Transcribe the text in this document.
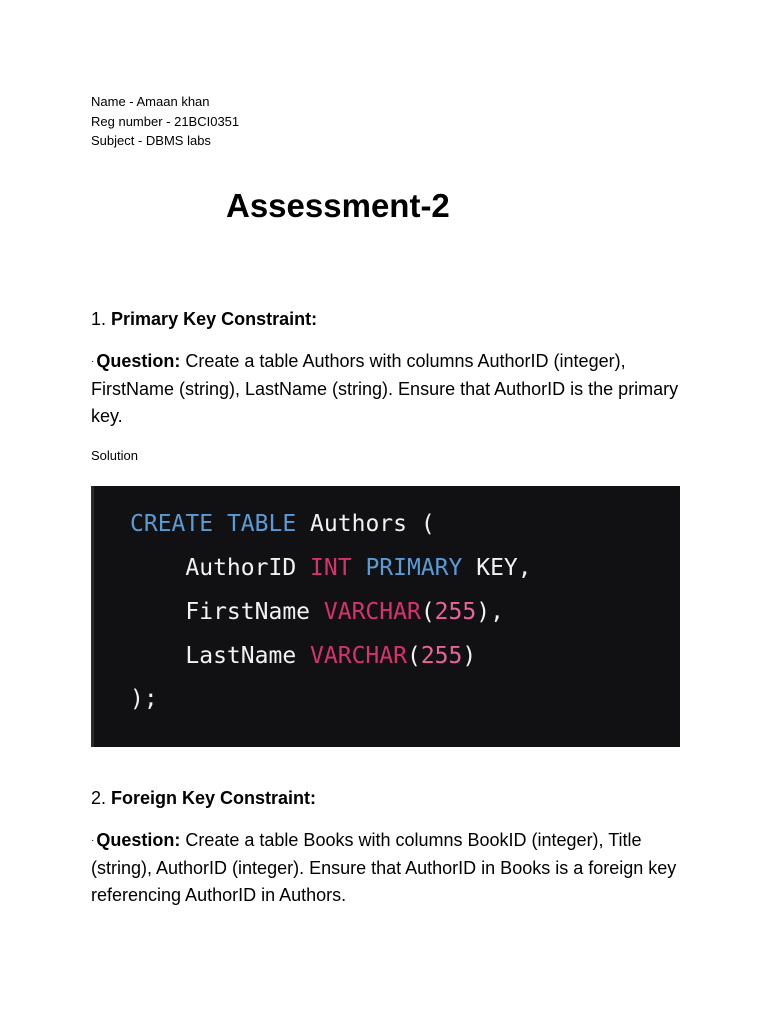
Name - Amaan khan
Reg number - 21BCI0351
Subject - DBMS labs
Assessment-2

1. Primary Key Constraint:

· Question: Create a table Authors with columns AuthorID (integer), FirstName (string), LastName (string). Ensure that AuthorID is the primary key.

Solution
CREATE TABLE Authors (
AuthorID INT PRIMARY KEY,
FirstName VARCHAR(255),
LastName VARCHAR(255)
);

2. Foreign Key Constraint:

· Question: Create a table Books with columns BookID (integer), Title (string), AuthorID (integer). Ensure that AuthorID in Books is a foreign key referencing AuthorID in Authors.
